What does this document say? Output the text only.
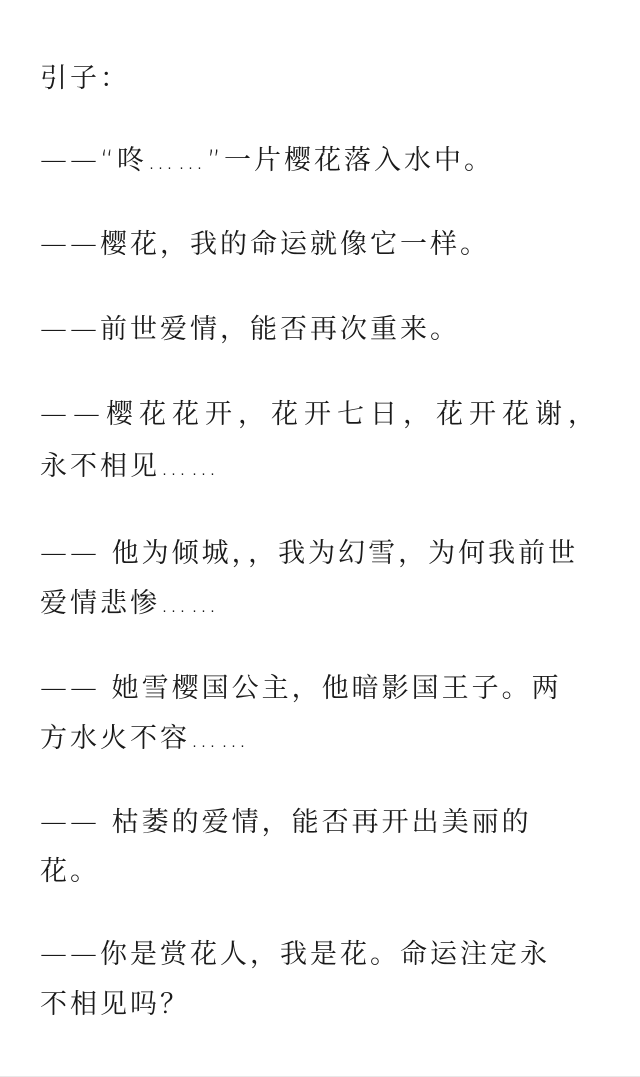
引子：
——“咚……”一片樱花落入水中。
——樱花，我的命运就像它一样。
——前世爱情，能否再次重来。
——樱花花开，花开七日，花开花谢，
永不相见……
—— 他为倾城，，我为幻雪，为何我前世
爱情悲惨……
—— 她雪樱国公主，他暗影国王子。两
方水火不容……
—— 枯萎的爱情，能否再开出美丽的
花。
——你是赏花人，我是花。命运注定永
不相见吗？
